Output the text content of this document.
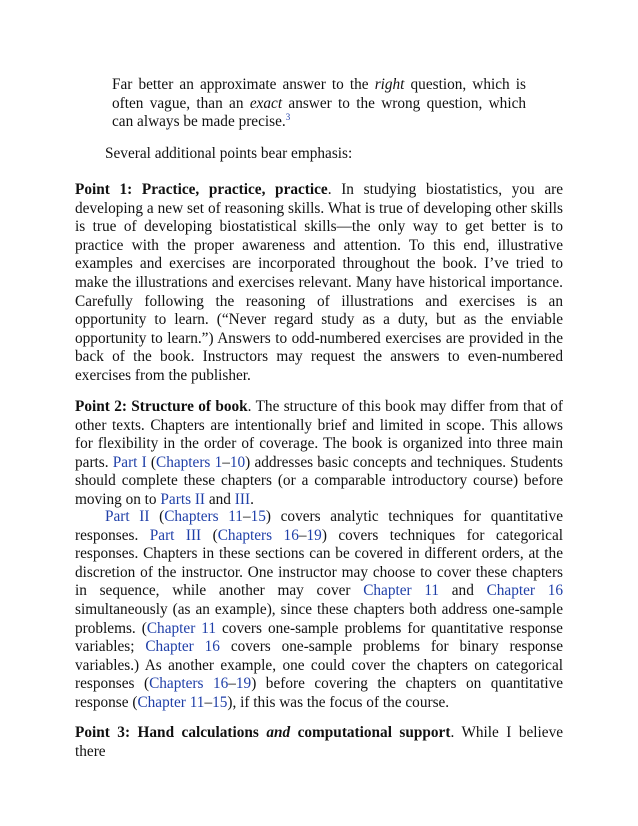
Far better an approximate answer to the right question, which is often vague, than an exact answer to the wrong question, which can always be made precise.$^3$

Several additional points bear emphasis:

Point 1: Practice, practice, practice. In studying biostatistics, you are developing a new set of reasoning skills. What is true of developing other skills is true of developing biostatistical skills—the only way to get better is to practice with the proper awareness and attention. To this end, illustrative examples and exercises are incorporated throughout the book. I’ve tried to make the illustrations and exercises relevant. Many have historical importance. Carefully following the reasoning of illustrations and exercises is an opportunity to learn. (“Never regard study as a duty, but as the enviable opportunity to learn.”) Answers to odd-numbered exercises are provided in the back of the book. Instructors may request the answers to even-numbered exercises from the publisher.

Point 2: Structure of book. The structure of this book may differ from that of other texts. Chapters are intentionally brief and limited in scope. This allows for flexibility in the order of coverage. The book is organized into three main parts. Part I (Chapters 1–10) addresses basic concepts and techniques. Students should complete these chapters (or a comparable introductory course) before moving on to Parts II and III.

Part II (Chapters 11–15) covers analytic techniques for quantitative responses. Part III (Chapters 16–19) covers techniques for categorical responses. Chapters in these sections can be covered in different orders, at the discretion of the instructor. One instructor may choose to cover these chapters in sequence, while another may cover Chapter 11 and Chapter 16 simultaneously (as an example), since these chapters both address one-sample problems. (Chapter 11 covers one-sample problems for quantitative response variables; Chapter 16 covers one-sample problems for binary response variables.) As another example, one could cover the chapters on categorical responses (Chapters 16–19) before covering the chapters on quantitative response (Chapter 11–15), if this was the focus of the course.

Point 3: Hand calculations and computational support. While I believe there
